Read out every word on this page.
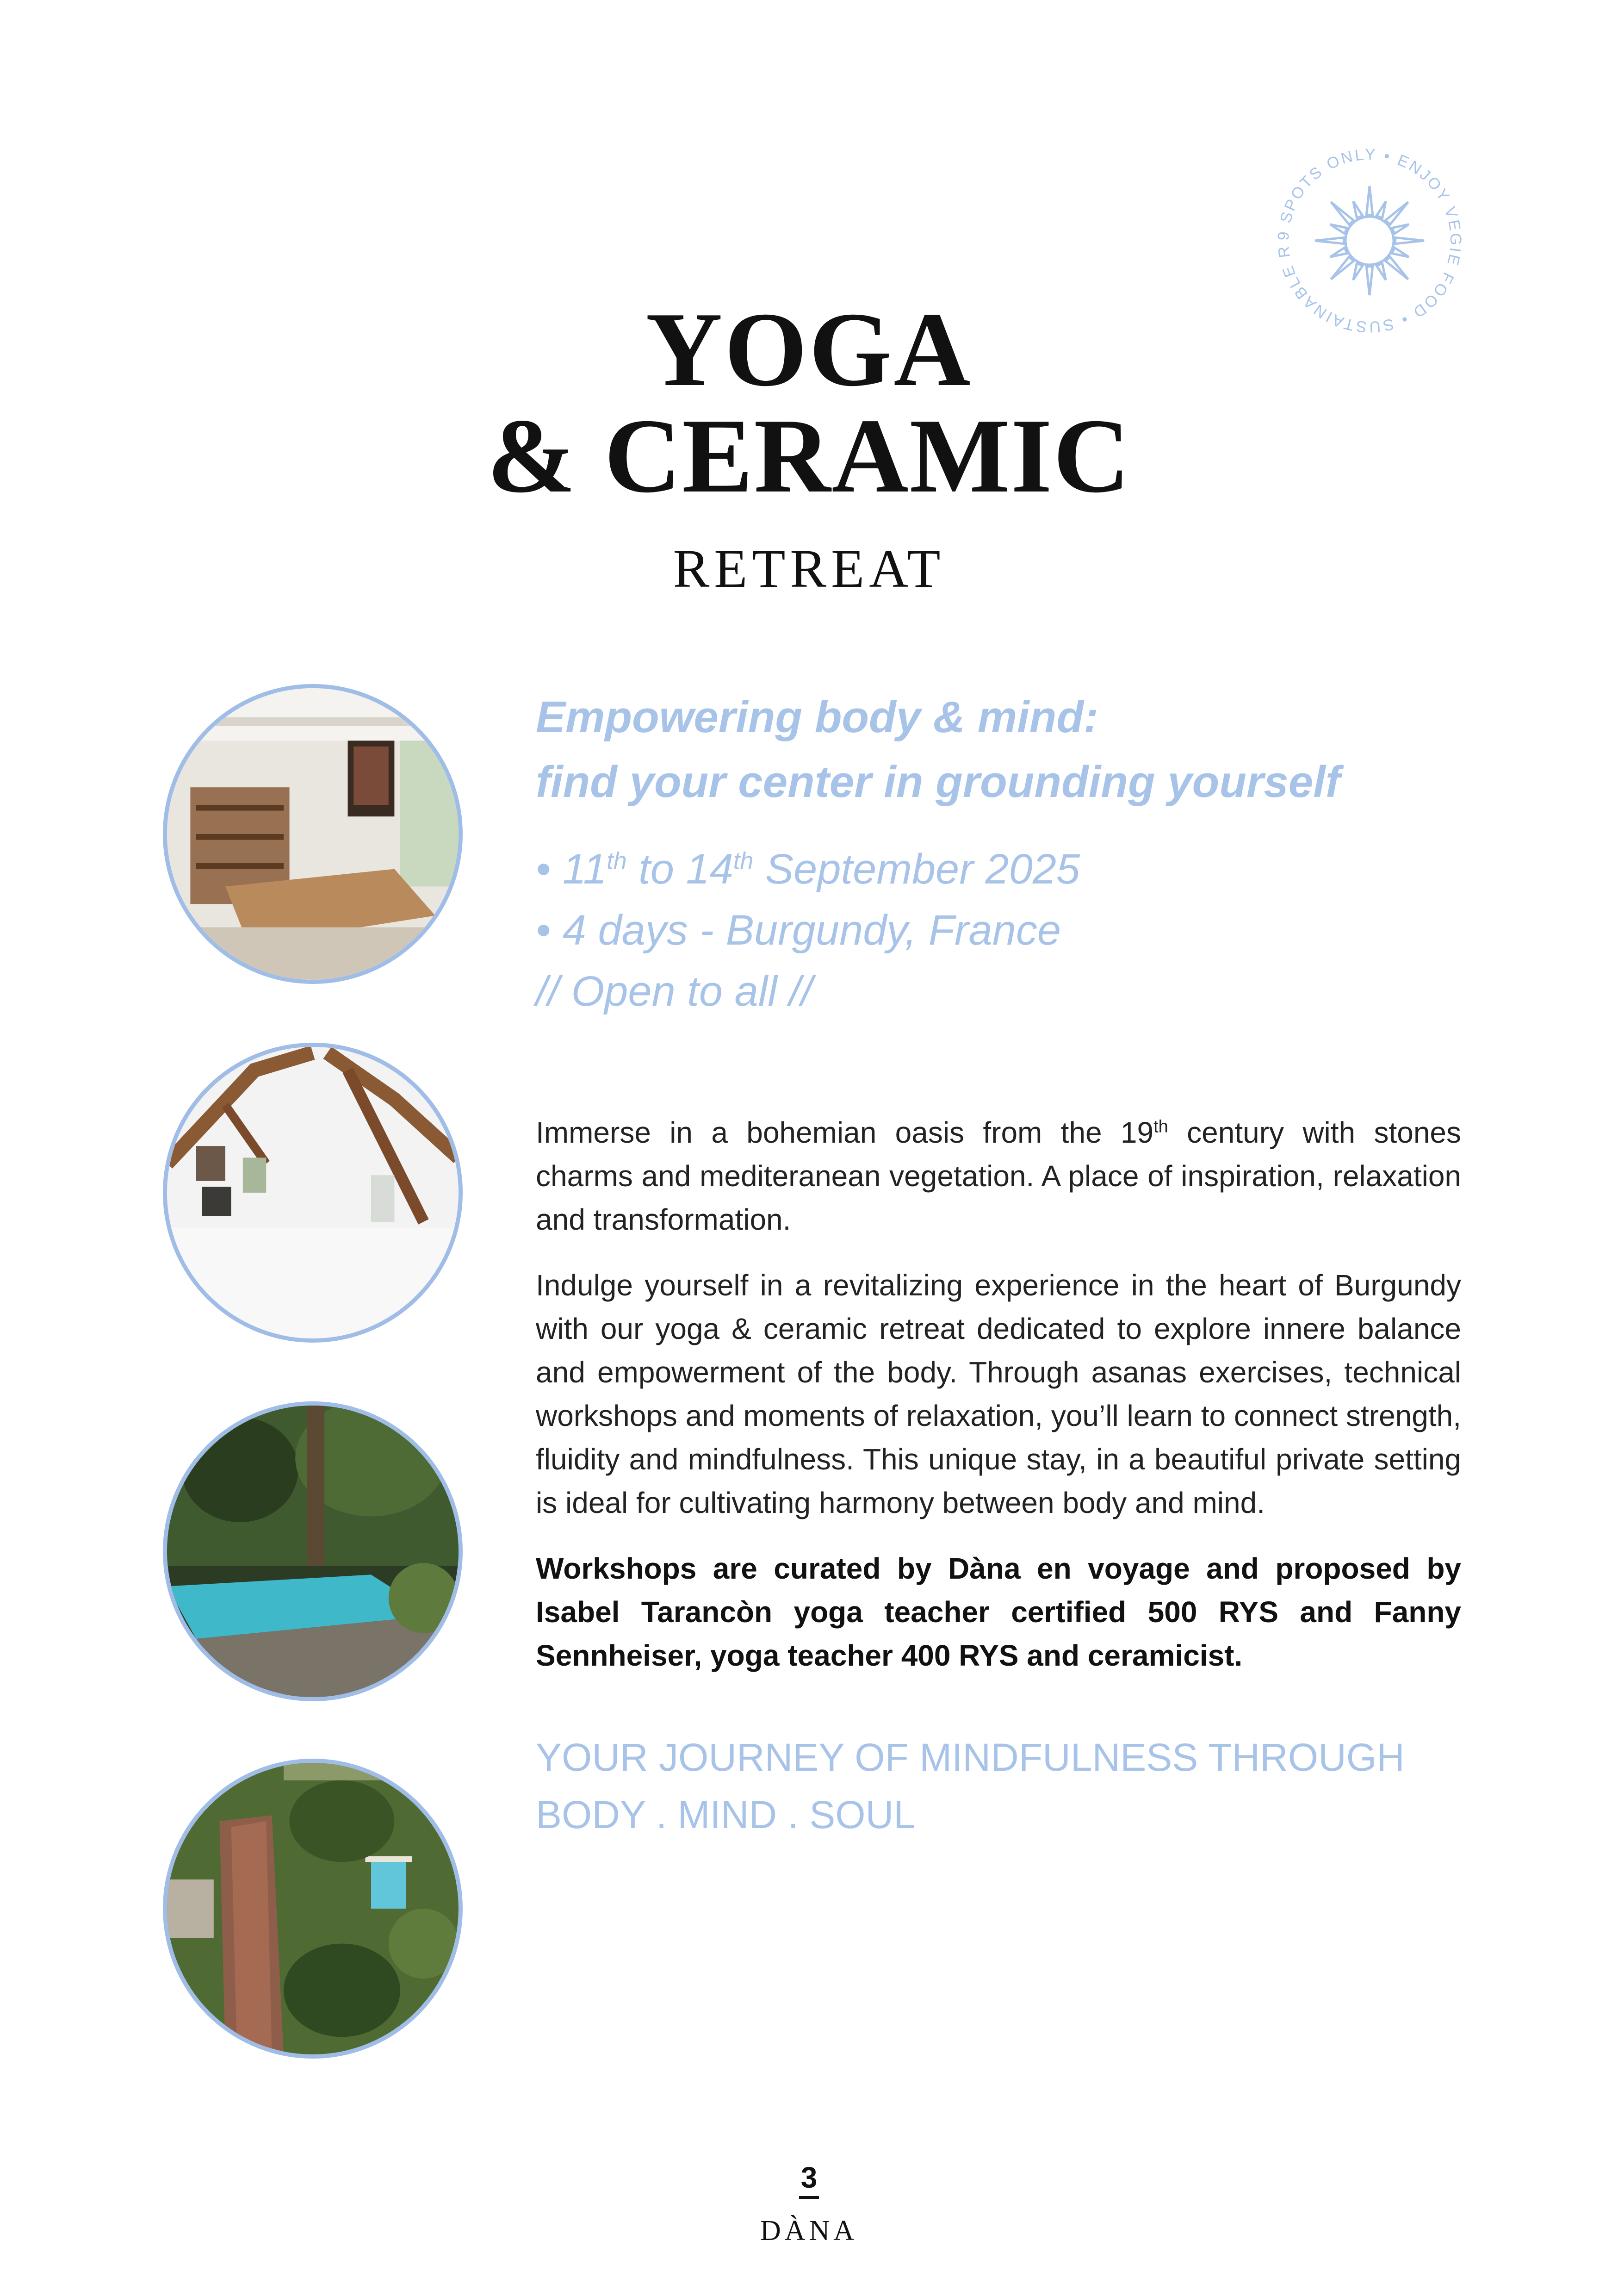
9 SPOTS ONLY • ENJOY VEGIE FOOD • SUSTAINABLE R
YOGA
& CERAMIC
RETREAT
Empowering body & mind:
find your center in grounding yourself
• 11th to 14th September 2025
• 4 days - Burgundy, France
// Open to all //

Immerse in a bohemian oasis from the 19th century with stones charms and mediteranean vegetation. A place of inspiration, relaxation and transformation.

Indulge yourself in a revitalizing experience in the heart of Burgundy with our yoga & ceramic retreat dedicated to explore innere balance and empowerment of the body. Through asanas exercises, technical workshops and moments of relaxation, you’ll learn to connect strength, fluidity and mindfulness. This unique stay, in a beautiful private setting is ideal for cultivating harmony between body and mind.

Workshops are curated by Dàna en voyage and proposed by Isabel Tarancòn yoga teacher certified 500 RYS and Fanny Sennheiser, yoga teacher 400 RYS and ceramicist.

YOUR JOURNEY OF MINDFULNESS THROUGH
BODY . MIND . SOUL
3
DÀNA
